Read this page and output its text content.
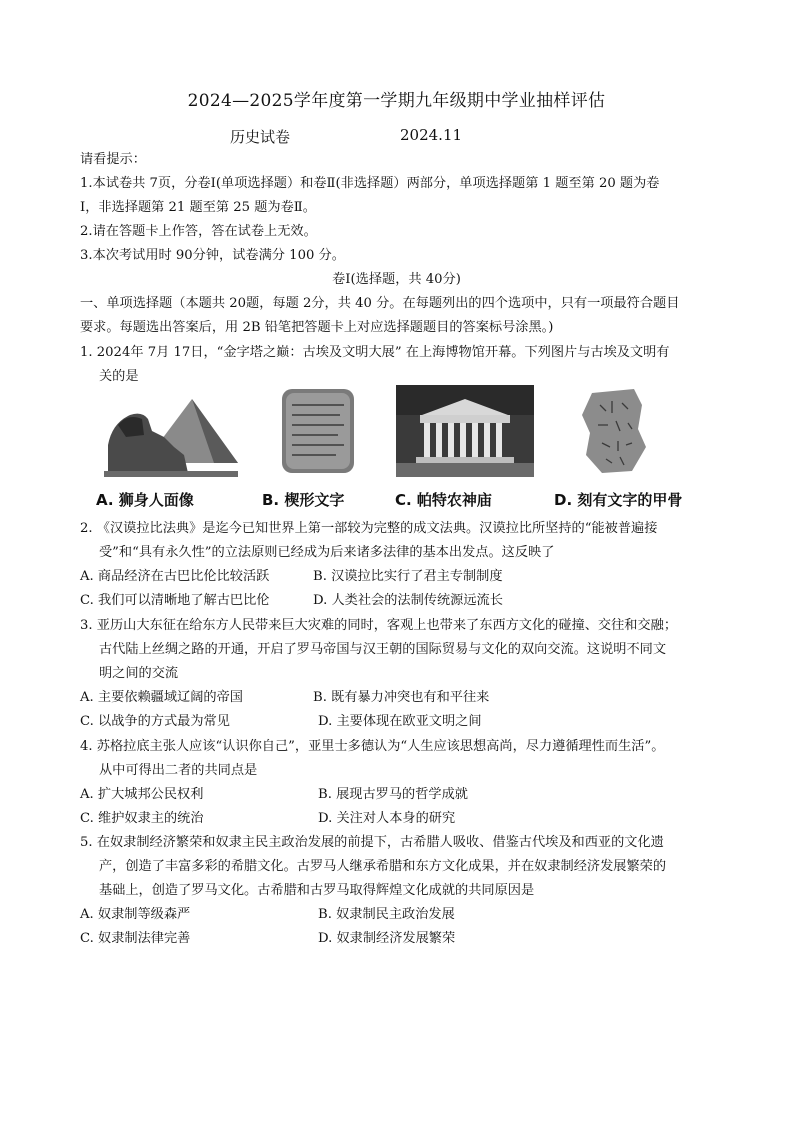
2024—2025学年度第一学期九年级期中学业抽样评估
历史试卷	2024.11
请看提示：
1.本试卷共 7页，分卷Ⅰ(单项选择题）和卷Ⅱ(非选择题）两部分，单项选择题第 1 题至第 20 题为卷
Ⅰ，非选择题第 21 题至第 25 题为卷Ⅱ。
2.请在答题卡上作答，答在试卷上无效。
3.本次考试用时 90分钟，试卷满分 100 分。
卷Ⅰ(选择题，共 40分)
一、单项选择题（本题共 20题，每题 2分，共 40 分。在每题列出的四个选项中，只有一项最符合题目
要求。每题选出答案后，用 2B 铅笔把答题卡上对应选择题题目的答案标号涂黑。)
1. 2024年 7月 17日，“金字塔之巅：古埃及文明大展” 在上海博物馆开幕。下列图片与古埃及文明有
关的是
A. 狮身人面像	B. 楔形文字	C. 帕特农神庙	D. 刻有文字的甲骨
2. 《汉谟拉比法典》是迄今已知世界上第一部较为完整的成文法典。汉谟拉比所坚持的“能被普遍接
受”和“具有永久性”的立法原则已经成为后来诸多法律的基本出发点。这反映了
A. 商品经济在古巴比伦比较活跃	B. 汉谟拉比实行了君主专制制度
C. 我们可以清晰地了解古巴比伦	D. 人类社会的法制传统源远流长
3. 亚历山大东征在给东方人民带来巨大灾难的同时，客观上也带来了东西方文化的碰撞、交往和交融；
古代陆上丝绸之路的开通，开启了罗马帝国与汉王朝的国际贸易与文化的双向交流。这说明不同文
明之间的交流
A. 主要依赖疆域辽阔的帝国	B. 既有暴力冲突也有和平往来
C. 以战争的方式最为常见	D. 主要体现在欧亚文明之间
4. 苏格拉底主张人应该“认识你自己”，亚里士多德认为“人生应该思想高尚，尽力遵循理性而生活”。
从中可得出二者的共同点是
A. 扩大城邦公民权利	B. 展现古罗马的哲学成就
C. 维护奴隶主的统治	D. 关注对人本身的研究
5. 在奴隶制经济繁荣和奴隶主民主政治发展的前提下，古希腊人吸收、借鉴古代埃及和西亚的文化遗
产，创造了丰富多彩的希腊文化。古罗马人继承希腊和东方文化成果，并在奴隶制经济发展繁荣的
基础上，创造了罗马文化。古希腊和古罗马取得辉煌文化成就的共同原因是
A. 奴隶制等级森严	B. 奴隶制民主政治发展
C. 奴隶制法律完善	D. 奴隶制经济发展繁荣
